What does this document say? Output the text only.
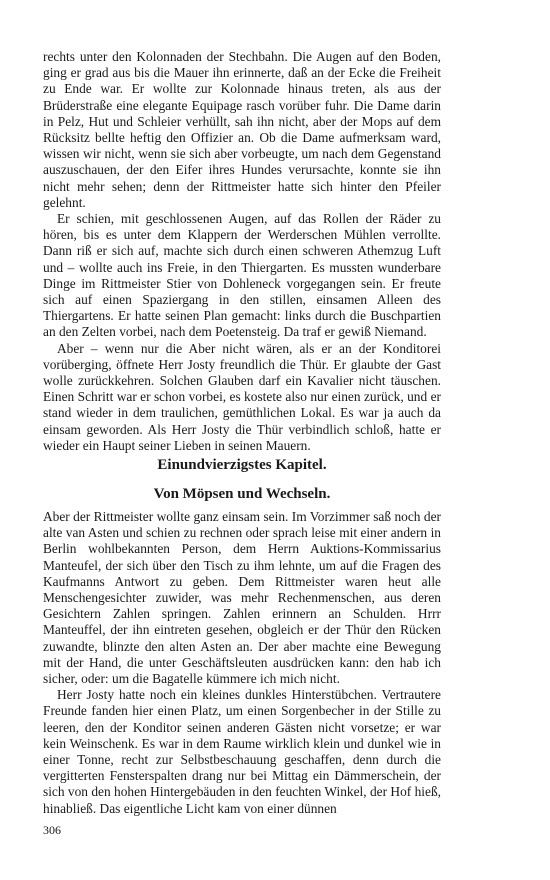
rechts unter den Kolonnaden der Stechbahn. Die Augen auf den Boden, ging er grad aus bis die Mauer ihn erinnerte, daß an der Ecke die Freiheit zu Ende war. Er wollte zur Kolonnade hinaus treten, als aus der Brüderstraße eine elegante Equipage rasch vorüber fuhr. Die Dame darin in Pelz, Hut und Schleier verhüllt, sah ihn nicht, aber der Mops auf dem Rücksitz bellte heftig den Offizier an. Ob die Dame aufmerksam ward, wissen wir nicht, wenn sie sich aber vorbeugte, um nach dem Gegenstand auszuschauen, der den Eifer ihres Hundes verursachte, konnte sie ihn nicht mehr sehen; denn der Rittmeister hatte sich hinter den Pfeiler gelehnt.

Er schien, mit geschlossenen Augen, auf das Rollen der Räder zu hören, bis es unter dem Klappern der Werderschen Mühlen verrollte. Dann riß er sich auf, machte sich durch einen schweren Athemzug Luft und – wollte auch ins Freie, in den Thiergarten. Es mussten wunderbare Dinge im Rittmeister Stier von Dohleneck vorgegangen sein. Er freute sich auf einen Spaziergang in den stillen, einsamen Alleen des Thiergartens. Er hatte seinen Plan gemacht: links durch die Buschpartien an den Zelten vorbei, nach dem Poetensteig. Da traf er gewiß Niemand.

Aber – wenn nur die Aber nicht wären, als er an der Konditorei vorüberging, öffnete Herr Josty freundlich die Thür. Er glaubte der Gast wolle zurückkehren. Solchen Glauben darf ein Kavalier nicht täuschen. Einen Schritt war er schon vorbei, es kostete also nur einen zurück, und er stand wieder in dem traulichen, gemüthlichen Lokal. Es war ja auch da einsam geworden. Als Herr Josty die Thür verbindlich schloß, hatte er wieder ein Haupt seiner Lieben in seinen Mauern.

Einundvierzigstes Kapitel.
Von Möpsen und Wechseln.

Aber der Rittmeister wollte ganz einsam sein. Im Vorzimmer saß noch der alte van Asten und schien zu rechnen oder sprach leise mit einer andern in Berlin wohlbekannten Person, dem Herrn Auktions-Kommissarius Manteufel, der sich über den Tisch zu ihm lehnte, um auf die Fragen des Kaufmanns Antwort zu geben. Dem Rittmeister waren heut alle Menschengesichter zuwider, was mehr Rechenmenschen, aus deren Gesichtern Zahlen springen. Zahlen erinnern an Schulden. Hrrr Manteuffel, der ihn eintreten gesehen, obgleich er der Thür den Rücken zuwandte, blinzte den alten Asten an. Der aber machte eine Bewegung mit der Hand, die unter Geschäftsleuten ausdrücken kann: den hab ich sicher, oder: um die Bagatelle kümmere ich mich nicht.

Herr Josty hatte noch ein kleines dunkles Hinterstübchen. Vertrautere Freunde fanden hier einen Platz, um einen Sorgenbecher in der Stille zu leeren, den der Konditor seinen anderen Gästen nicht vorsetze; er war kein Weinschenk. Es war in dem Raume wirklich klein und dunkel wie in einer Tonne, recht zur Selbstbeschauung geschaffen, denn durch die vergitterten Fensterspalten drang nur bei Mittag ein Dämmerschein, der sich von den hohen Hintergebäuden in den feuchten Winkel, der Hof hieß, hinabließ. Das eigentliche Licht kam von einer dünnen

306
